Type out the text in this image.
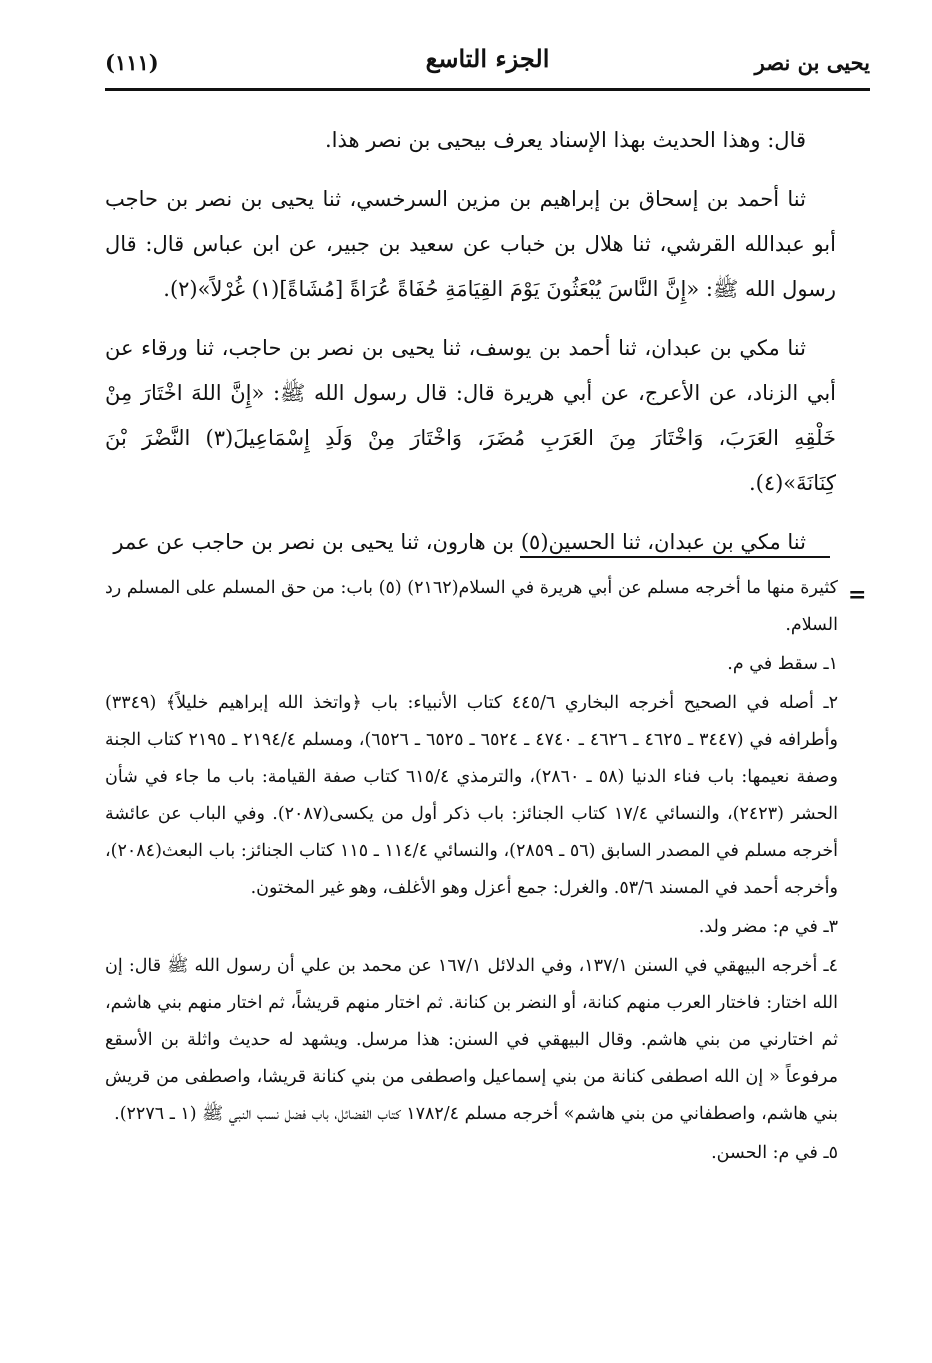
يحيى بن نصر
الجزء التاسع
(١١١)

قال: وهذا الحديث بهذا الإسناد يعرف بيحيى بن نصر هذا.

ثنا أحمد بن إسحاق بن إبراهيم بن مزين السرخسي، ثنا يحيى بن نصر بن حاجب أبو عبدالله القرشي، ثنا هلال بن خباب عن سعيد بن جبير، عن ابن عباس قال: قال رسول الله ﷺ: «إِنَّ النَّاسَ يُبْعَثُونَ يَوْمَ القِيَامَةِ حُفَاةً عُرَاةً [مُشَاةً](١) غُرْلاً»(٢).

ثنا مكي بن عبدان، ثنا أحمد بن يوسف، ثنا يحيى بن نصر بن حاجب، ثنا ورقاء عن أبي الزناد، عن الأعرج، عن أبي هريرة قال: قال رسول الله ﷺ: «إِنَّ اللهَ اخْتَارَ مِنْ خَلْقِهِ العَرَبَ، وَاخْتَارَ مِنَ العَرَبِ مُضَرَ، وَاخْتَارَ مِنْ وَلَدِ إِسْمَاعِيلَ(٣) النَّضْرَ بْنَ كِنَانَةَ»(٤).

ثنا مكي بن عبدان، ثنا الحسين(٥) بن هارون، ثنا يحيى بن نصر بن حاجب عن عمر

=

كثيرة منها ما أخرجه مسلم عن أبي هريرة في السلام(٢١٦٢) (٥) باب: من حق المسلم على المسلم رد السلام.

١ـ سقط في م.

٢ـ أصله في الصحيح أخرجه البخاري ٤٤٥/٦ كتاب الأنبياء: باب ﴿واتخذ الله إبراهيم خليلاً﴾ (٣٣٤٩) وأطرافه في (٣٤٤٧ ـ ٤٦٢٥ ـ ٤٦٢٦ ـ ٤٧٤٠ ـ ٦٥٢٤ ـ ٦٥٢٥ ـ ٦٥٢٦)، ومسلم ٢١٩٤/٤ ـ ٢١٩٥ كتاب الجنة وصفة نعيمها: باب فناء الدنيا (٥٨ ـ ٢٨٦٠)، والترمذي ٦١٥/٤ كتاب صفة القيامة: باب ما جاء في شأن الحشر (٢٤٢٣)، والنسائي ١٧/٤ كتاب الجنائز: باب ذكر أول من يكسى(٢٠٨٧). وفي الباب عن عائشة أخرجه مسلم في المصدر السابق (٥٦ ـ ٢٨٥٩)، والنسائي ١١٤/٤ ـ ١١٥ كتاب الجنائز: باب البعث(٢٠٨٤)، وأخرجه أحمد في المسند ٥٣/٦. والغرل: جمع أعزل وهو الأغلف، وهو غير المختون.

٣ـ في م: مضر ولد.

٤ـ أخرجه البيهقي في السنن ١٣٧/١، وفي الدلائل ١٦٧/١ عن محمد بن علي أن رسول الله ﷺ قال: إن الله اختار: فاختار العرب منهم كنانة، أو النضر بن كنانة. ثم اختار منهم قريشاً، ثم اختار منهم بني هاشم، ثم اختارني من بني هاشم. وقال البيهقي في السنن: هذا مرسل. ويشهد له حديث واثلة بن الأسقع مرفوعاً « إن الله اصطفى كنانة من بني إسماعيل واصطفى من بني كنانة قريشا، واصطفى من قريش بني هاشم، واصطفاني من بني هاشم» أخرجه مسلم ١٧٨٢/٤ كتاب الفضائل، باب فضل نسب النبي ﷺ (١ ـ ٢٢٧٦).

٥ـ في م: الحسن.
